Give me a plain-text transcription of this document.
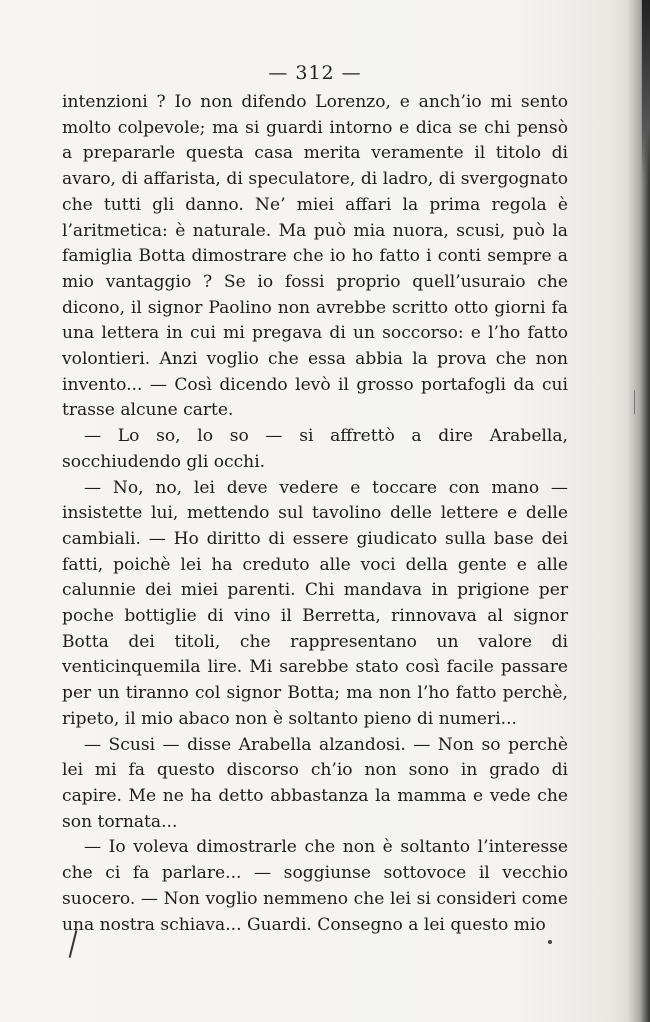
— 312 —

intenzioni ? Io non difendo Lorenzo, e anch’io mi sento molto colpevole; ma si guardi intorno e dica se chi pensò a prepararle questa casa merita veramente il titolo di avaro, di affarista, di speculatore, di ladro, di svergognato che tutti gli danno. Ne’ miei affari la prima regola è l’aritmetica: è naturale. Ma può mia nuora, scusi, può la famiglia Botta dimostrare che io ho fatto i conti sempre a mio vantaggio ? Se io fossi proprio quell’usuraio che dicono, il signor Paolino non avrebbe scritto otto giorni fa una lettera in cui mi pregava di un soccorso: e l’ho fatto volontieri. Anzi voglio che essa abbia la prova che non invento... — Così dicendo levò il grosso portafogli da cui trasse alcune carte.

— Lo so, lo so — si affrettò a dire Arabella, socchiudendo gli occhi.

— No, no, lei deve vedere e toccare con mano — insistette lui, mettendo sul tavolino delle lettere e delle cambiali. — Ho diritto di essere giudicato sulla base dei fatti, poichè lei ha creduto alle voci della gente e alle calunnie dei miei parenti. Chi mandava in prigione per poche bottiglie di vino il Berretta, rinnovava al signor Botta dei titoli, che rappresentano un valore di venticinquemila lire. Mi sarebbe stato così facile passare per un tiranno col signor Botta; ma non l’ho fatto perchè, ripeto, il mio abaco non è soltanto pieno di numeri...

— Scusi — disse Arabella alzandosi. — Non so perchè lei mi fa questo discorso ch’io non sono in grado di capire. Me ne ha detto abbastanza la mamma e vede che son tornata...

— Io voleva dimostrarle che non è soltanto l’interesse che ci fa parlare... — soggiunse sottovoce il vecchio suocero. — Non voglio nemmeno che lei si consideri come una nostra schiava... Guardi. Consegno a lei questo mio
